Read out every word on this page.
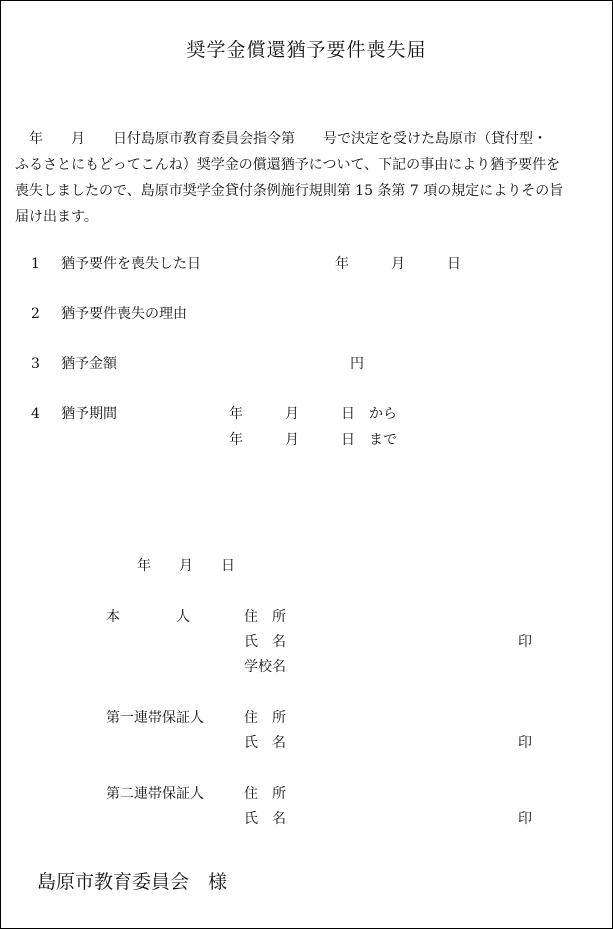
奨学金償還猶予要件喪失届
　年　　月　　日付島原市教育委員会指令第　　号で決定を受けた島原市（貸付型・
ふるさとにもどってこんね）奨学金の償還猶予について、下記の事由により猶予要件を
喪失しましたので、島原市奨学金貸付条例施行規則第 15 条第 7 項の規定によりその旨
届け出ます。
1 猶予要件を喪失した日	年　　　月　　　日
2 猶予要件喪失の理由
3 猶予金額	円
4 猶予期間	年　　　月　　　日　から
年　　　月　　　日　まで
年　　月　　日
本　　　　人	住　所
氏　名	印
学校名
第一連帯保証人	住　所
氏　名	印
第二連帯保証人	住　所
氏　名	印
島原市教育委員会　様
